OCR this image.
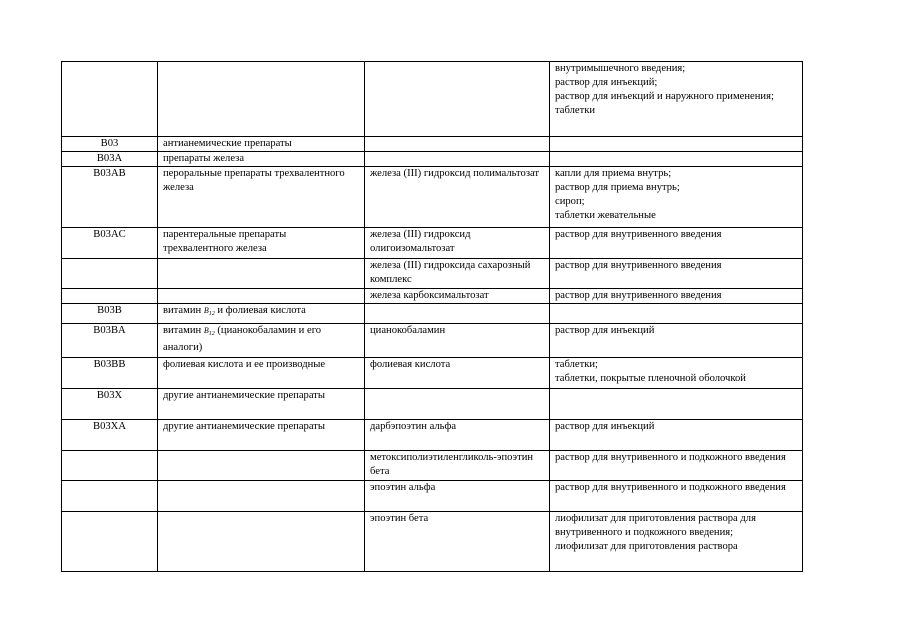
			внутримышечного введения;
раствор для инъекций;
раствор для инъекций и наружного применения;
таблетки
B03	антианемические препараты		
B03A	препараты железа		
B03AB	пероральные препараты трехвалентного железа	железа (III) гидроксид полимальтозат	капли для приема внутрь;
раствор для приема внутрь;
сироп;
таблетки жевательные
B03AC	парентеральные препараты трехвалентного железа	железа (III) гидроксид олигоизомальтозат	раствор для внутривенного введения
		железа (III) гидроксида сахарозный комплекс	раствор для внутривенного введения
		железа карбоксимальтозат	раствор для внутривенного введения
B03B	витамин $B_{12}$ и фолиевая кислота		
B03BA	витамин $B_{12}$ (цианокобаламин и его аналоги)	цианокобаламин	раствор для инъекций
B03BB	фолиевая кислота и ее производные	фолиевая кислота	таблетки;
таблетки, покрытые пленочной оболочкой
B03X	другие антианемические препараты		
B03XA	другие антианемические препараты	дарбэпоэтин альфа	раствор для инъекций
		метоксиполиэтиленгликоль-эпоэтин бета	раствор для внутривенного и подкожного введения
		эпоэтин альфа	раствор для внутривенного и подкожного введения
		эпоэтин бета	лиофилизат для приготовления раствора для внутривенного и подкожного введения;
лиофилизат для приготовления раствора
